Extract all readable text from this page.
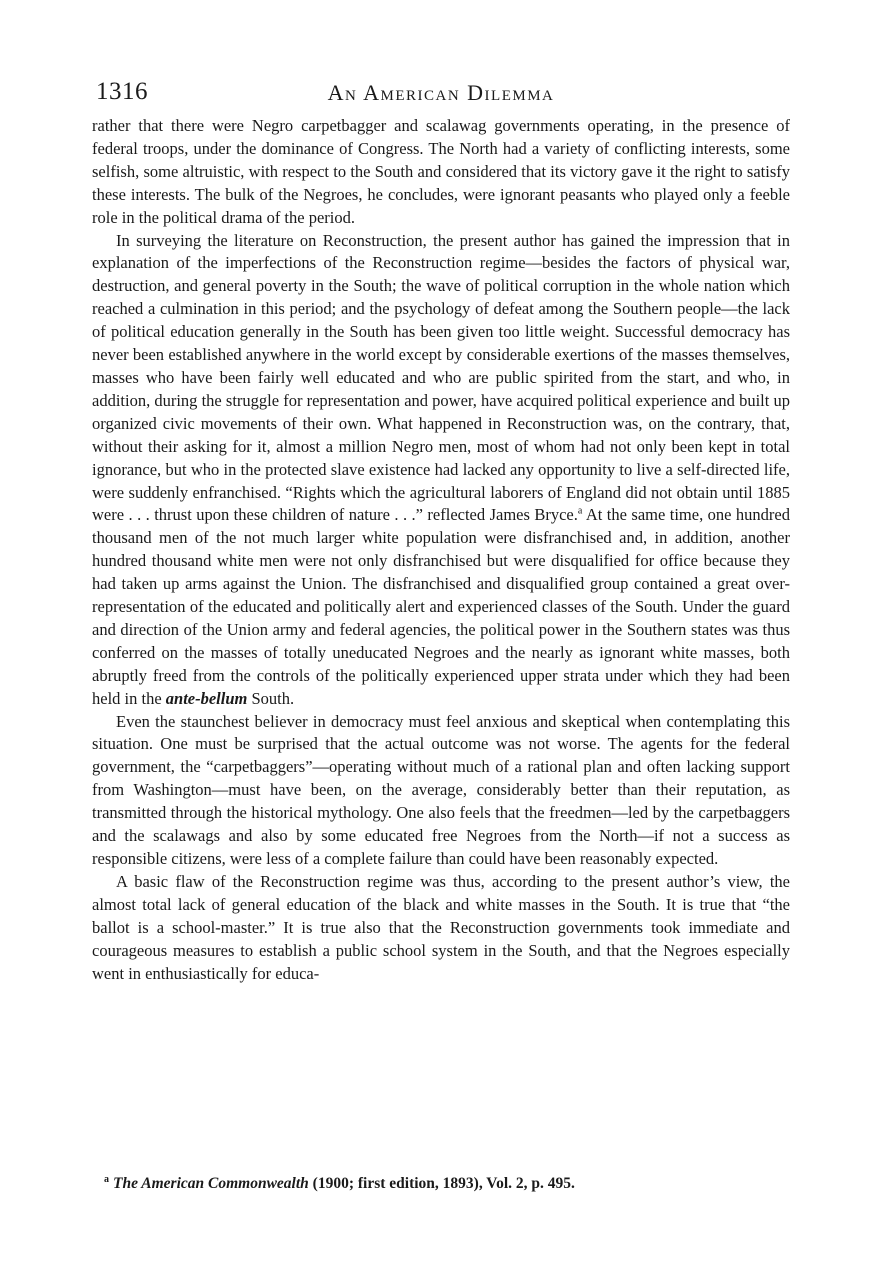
1316	An American Dilemma

rather that there were Negro carpetbagger and scalawag governments operating, in the presence of federal troops, under the dominance of Congress. The North had a variety of conflicting interests, some selfish, some altruistic, with respect to the South and considered that its victory gave it the right to satisfy these interests. The bulk of the Negroes, he concludes, were ignorant peasants who played only a feeble role in the political drama of the period.

In surveying the literature on Reconstruction, the present author has gained the impression that in explanation of the imperfections of the Reconstruction regime—besides the factors of physical war, destruction, and general poverty in the South; the wave of political corruption in the whole nation which reached a culmination in this period; and the psychology of defeat among the Southern people—the lack of political education generally in the South has been given too little weight. Successful democracy has never been established anywhere in the world except by considerable exertions of the masses themselves, masses who have been fairly well educated and who are public spirited from the start, and who, in addition, during the struggle for representation and power, have acquired political experience and built up organized civic movements of their own. What happened in Reconstruction was, on the contrary, that, without their asking for it, almost a million Negro men, most of whom had not only been kept in total ignorance, but who in the protected slave existence had lacked any opportunity to live a self-directed life, were suddenly enfranchised. “Rights which the agricultural laborers of England did not obtain until 1885 were . . . thrust upon these children of nature . . .” reflected James Bryce.$^a$ At the same time, one hundred thousand men of the not much larger white population were disfranchised and, in addition, another hundred thousand white men were not only disfranchised but were disqualified for office because they had taken up arms against the Union. The disfranchised and disqualified group contained a great over-representation of the educated and politically alert and experienced classes of the South. Under the guard and direction of the Union army and federal agencies, the political power in the Southern states was thus conferred on the masses of totally uneducated Negroes and the nearly as ignorant white masses, both abruptly freed from the controls of the politically experienced upper strata under which they had been held in the ante-bellum South.

Even the staunchest believer in democracy must feel anxious and skeptical when contemplating this situation. One must be surprised that the actual outcome was not worse. The agents for the federal government, the “carpetbaggers”—operating without much of a rational plan and often lacking support from Washington—must have been, on the average, considerably better than their reputation, as transmitted through the historical mythology. One also feels that the freedmen—led by the carpetbaggers and the scalawags and also by some educated free Negroes from the North—if not a success as responsible citizens, were less of a complete failure than could have been reasonably expected.

A basic flaw of the Reconstruction regime was thus, according to the present author’s view, the almost total lack of general education of the black and white masses in the South. It is true that “the ballot is a school-master.” It is true also that the Reconstruction governments took immediate and courageous measures to establish a public school system in the South, and that the Negroes especially went in enthusiastically for educa-

$^a$ The American Commonwealth (1900; first edition, 1893), Vol. 2, p. 495.
